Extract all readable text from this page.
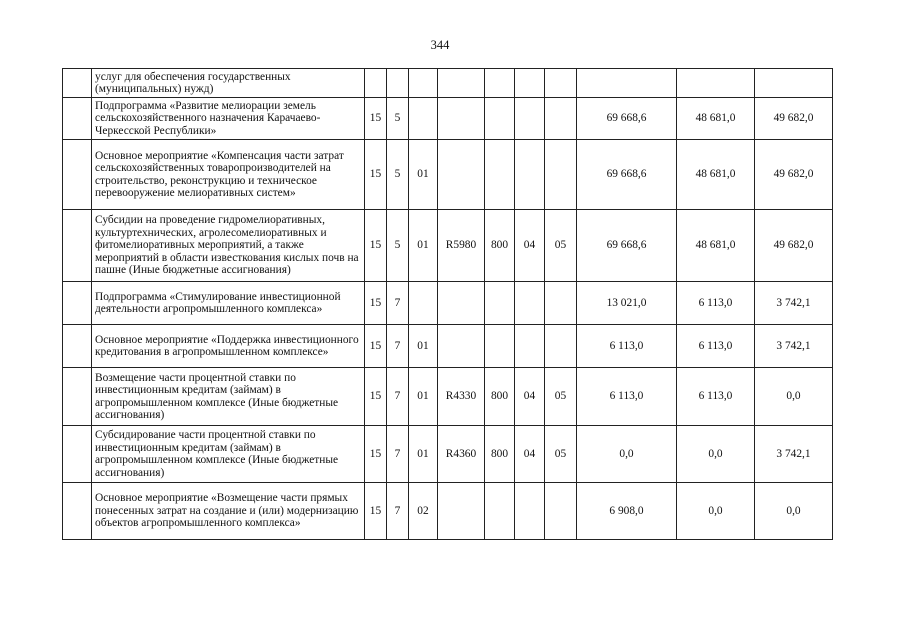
344
	услуг для обеспечения государственных (муниципальных) нужд)										
	Подпрограмма «Развитие мелиорации земель сельскохозяйственного назначения Карачаево-Черкесской Республики»	15	5						69 668,6	48 681,0	49 682,0
	Основное мероприятие «Компенсация части затрат сельскохозяйственных товаропроизводителей на строительство, реконструкцию и техническое перевооружение мелиоративных систем»	15	5	01					69 668,6	48 681,0	49 682,0
	Субсидии на проведение гидромелиоративных, культуртехнических, агролесомелиоративных и фитомелиоративных мероприятий, а также мероприятий в области известкования кислых почв на пашне (Иные бюджетные ассигнования)	15	5	01	R5980	800	04	05	69 668,6	48 681,0	49 682,0
	Подпрограмма «Стимулирование инвестиционной деятельности агропромышленного комплекса»	15	7						13 021,0	6 113,0	3 742,1
	Основное мероприятие «Поддержка инвестиционного кредитования в агропромышленном комплексе»	15	7	01					6 113,0	6 113,0	3 742,1
	Возмещение части процентной ставки по инвестиционным кредитам (займам) в агропромышленном комплексе (Иные бюджетные ассигнования)	15	7	01	R4330	800	04	05	6 113,0	6 113,0	0,0
	Субсидирование части процентной ставки по инвестиционным кредитам (займам) в агропромышленном комплексе (Иные бюджетные ассигнования)	15	7	01	R4360	800	04	05	0,0	0,0	3 742,1
	Основное мероприятие «Возмещение части прямых понесенных затрат на создание и (или) модернизацию объектов агропромышленного комплекса»	15	7	02					6 908,0	0,0	0,0
